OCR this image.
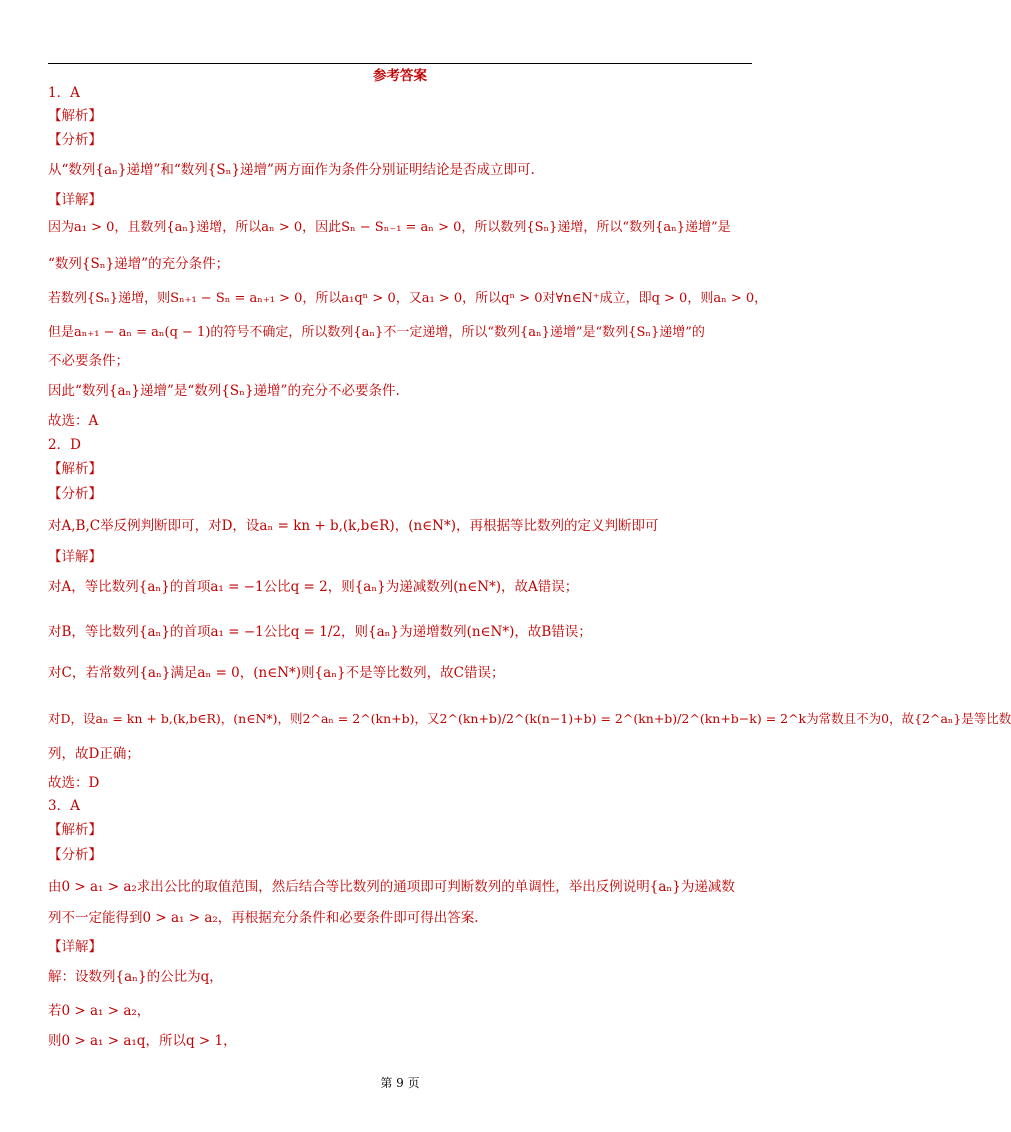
参考答案
1．A
【解析】
【分析】
从“数列{aₙ}递增”和“数列{Sₙ}递增”两方面作为条件分别证明结论是否成立即可.
【详解】
因为a₁ > 0，且数列{aₙ}递增，所以aₙ > 0，因此Sₙ − Sₙ₋₁ = aₙ > 0，所以数列{Sₙ}递增，所以“数列{aₙ}递增”是
“数列{Sₙ}递增”的充分条件；
若数列{Sₙ}递增，则Sₙ₊₁ − Sₙ = aₙ₊₁ > 0，所以a₁qⁿ > 0，又a₁ > 0，所以qⁿ > 0对∀n∈N⁺成立，即q > 0，则aₙ > 0，
但是aₙ₊₁ − aₙ = aₙ(q − 1)的符号不确定，所以数列{aₙ}不一定递增，所以“数列{aₙ}递增”是“数列{Sₙ}递增”的
不必要条件；
因此“数列{aₙ}递增”是“数列{Sₙ}递增”的充分不必要条件.
故选：A
2．D
【解析】
【分析】
对A,B,C举反例判断即可，对D，设aₙ = kn + b,(k,b∈R)，(n∈N*)，再根据等比数列的定义判断即可
【详解】
对A，等比数列{aₙ}的首项a₁ = −1公比q = 2，则{aₙ}为递减数列(n∈N*)，故A错误；
对B，等比数列{aₙ}的首项a₁ = −1公比q = 1/2，则{aₙ}为递增数列(n∈N*)，故B错误；
对C，若常数列{aₙ}满足aₙ = 0，(n∈N*)则{aₙ}不是等比数列，故C错误；
对D，设aₙ = kn + b,(k,b∈R)，(n∈N*)，则2^aₙ = 2^(kn+b)，又2^(kn+b)/2^(k(n−1)+b) = 2^(kn+b)/2^(kn+b−k) = 2^k为常数且不为0，故{2^aₙ}是等比数
列，故D正确；
故选：D
3．A
【解析】
【分析】
由0 > a₁ > a₂求出公比的取值范围，然后结合等比数列的通项即可判断数列的单调性，举出反例说明{aₙ}为递减数
列不一定能得到0 > a₁ > a₂，再根据充分条件和必要条件即可得出答案.
【详解】
解：设数列{aₙ}的公比为q，
若0 > a₁ > a₂，
则0 > a₁ > a₁q，所以q > 1，
第 9 页
